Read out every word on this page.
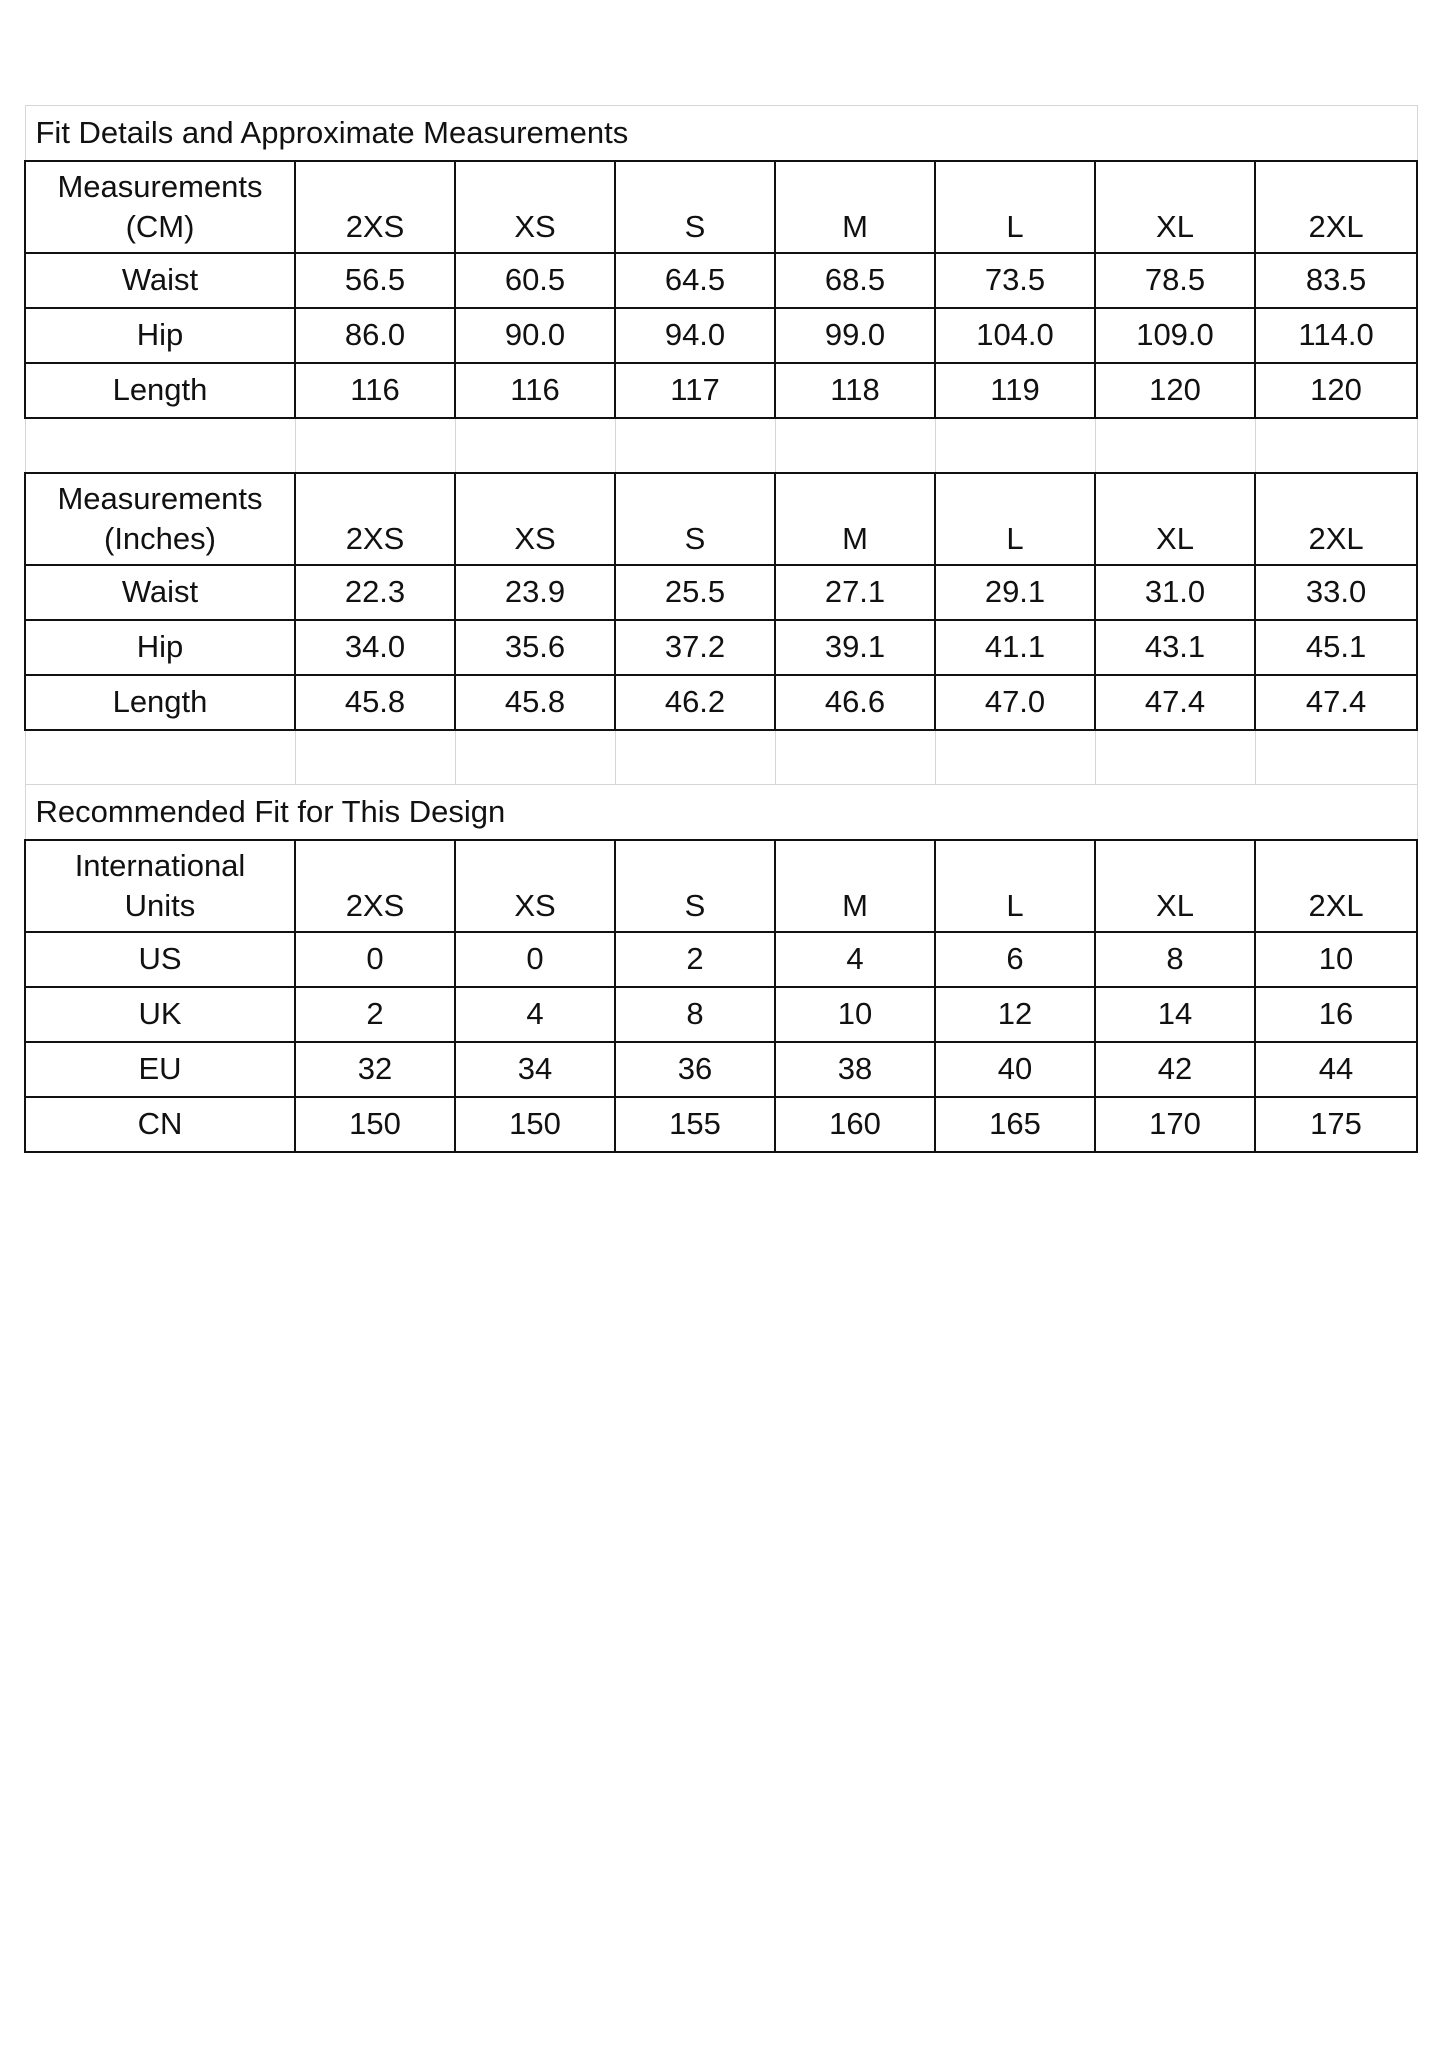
Fit Details and Approximate Measurements							

Measurements
(CM)	2XS	XS	S	M	L	XL	2XL
Waist	56.5	60.5	64.5	68.5	73.5	78.5	83.5
Hip	86.0	90.0	94.0	99.0	104.0	109.0	114.0
Length	116	116	117	118	119	120	120

Measurements
(Inches)	2XS	XS	S	M	L	XL	2XL
Waist	22.3	23.9	25.5	27.1	29.1	31.0	33.0
Hip	34.0	35.6	37.2	39.1	41.1	43.1	45.1
Length	45.8	45.8	46.2	46.6	47.0	47.4	47.4

Recommended Fit for This Design							

International
Units	2XS	XS	S	M	L	XL	2XL
US	0	0	2	4	6	8	10
UK	2	4	8	10	12	14	16
EU	32	34	36	38	40	42	44
CN	150	150	155	160	165	170	175
